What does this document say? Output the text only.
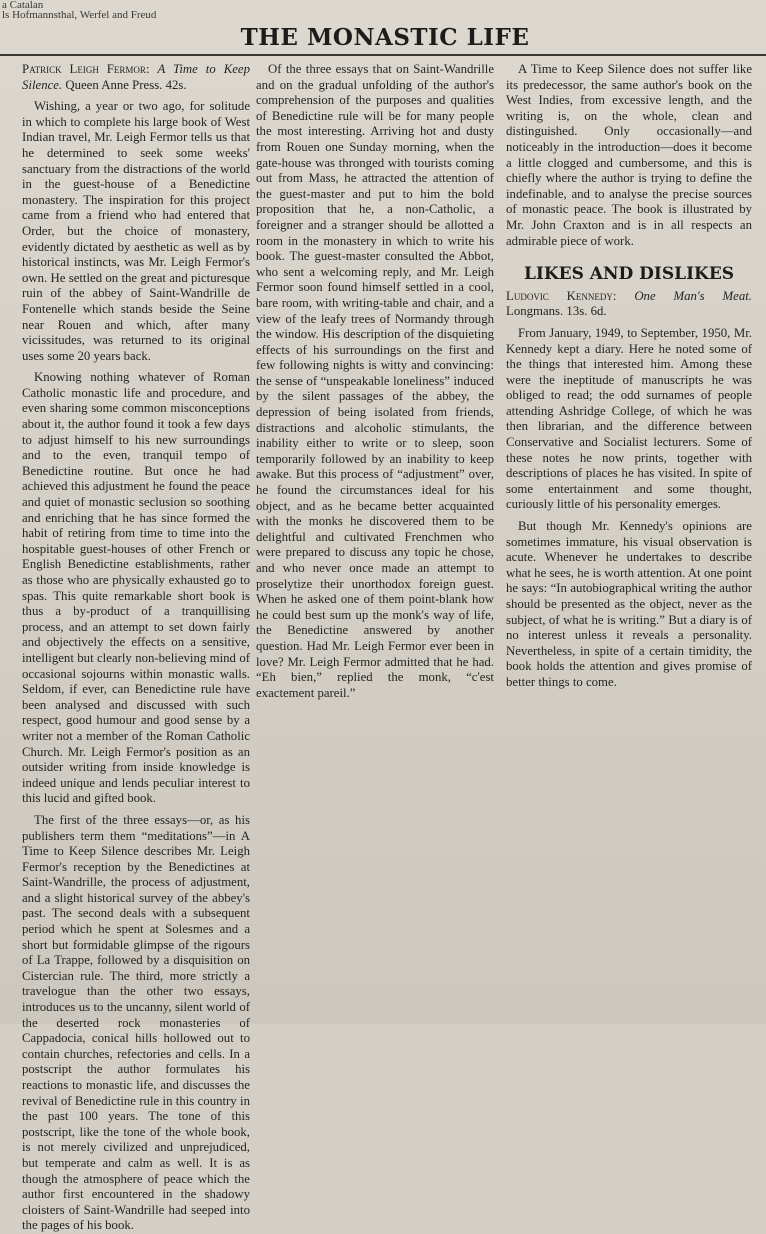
a Catalan
ls Hofmannsthal, Werfel and Freud
THE MONASTIC LIFE

Patrick Leigh Fermor: A Time to Keep Silence. Queen Anne Press. 42s.

Wishing, a year or two ago, for solitude in which to complete his large book of West Indian travel, Mr. Leigh Fermor tells us that he determined to seek some weeks' sanctuary from the distractions of the world in the guest-house of a Benedictine monastery. The inspiration for this project came from a friend who had entered that Order, but the choice of monastery, evidently dictated by aesthetic as well as by historical instincts, was Mr. Leigh Fermor's own. He settled on the great and picturesque ruin of the abbey of Saint-Wandrille de Fontenelle which stands beside the Seine near Rouen and which, after many vicissitudes, was returned to its original uses some 20 years back.

Knowing nothing whatever of Roman Catholic monastic life and procedure, and even sharing some common misconceptions about it, the author found it took a few days to adjust himself to his new surroundings and to the even, tranquil tempo of Benedictine routine. But once he had achieved this adjustment he found the peace and quiet of monastic seclusion so soothing and enriching that he has since formed the habit of retiring from time to time into the hospitable guest-houses of other French or English Benedictine establishments, rather as those who are physically exhausted go to spas. This quite remarkable short book is thus a by-product of a tranquillising process, and an attempt to set down fairly and objectively the effects on a sensitive, intelligent but clearly non-believing mind of occasional sojourns within monastic walls. Seldom, if ever, can Benedictine rule have been analysed and discussed with such respect, good humour and good sense by a writer not a member of the Roman Catholic Church. Mr. Leigh Fermor's position as an outsider writing from inside knowledge is indeed unique and lends peculiar interest to this lucid and gifted book.

The first of the three essays—or, as his publishers term them “meditations”—in A Time to Keep Silence describes Mr. Leigh Fermor's reception by the Benedictines at Saint-Wandrille, the process of adjustment, and a slight historical survey of the abbey's past. The second deals with a subsequent period which he spent at Solesmes and a short but formidable glimpse of the rigours of La Trappe, followed by a disquisition on Cistercian rule. The third, more strictly a travelogue than the other two essays, introduces us to the uncanny, silent world of the deserted rock monasteries of Cappadocia, conical hills hollowed out to contain churches, refectories and cells. In a postscript the author formulates his reactions to monastic life, and discusses the revival of Benedictine rule in this country in the past 100 years. The tone of this postscript, like the tone of the whole book, is not merely civilized and unprejudiced, but temperate and calm as well. It is as though the atmosphere of peace which the author first encountered in the shadowy cloisters of Saint-Wandrille had seeped into the pages of his book.

Of the three essays that on Saint-Wandrille and on the gradual unfolding of the author's comprehension of the purposes and qualities of Benedictine rule will be for many people the most interesting. Arriving hot and dusty from Rouen one Sunday morning, when the gate-house was thronged with tourists coming out from Mass, he attracted the attention of the guest-master and put to him the bold proposition that he, a non-Catholic, a foreigner and a stranger should be allotted a room in the monastery in which to write his book. The guest-master consulted the Abbot, who sent a welcoming reply, and Mr. Leigh Fermor soon found himself settled in a cool, bare room, with writing-table and chair, and a view of the leafy trees of Normandy through the window. His description of the disquieting effects of his surroundings on the first and few following nights is witty and convincing: the sense of “unspeakable loneliness” induced by the silent passages of the abbey, the depression of being isolated from friends, distractions and alcoholic stimulants, the inability either to write or to sleep, soon temporarily followed by an inability to keep awake. But this process of “adjustment” over, he found the circumstances ideal for his object, and as he became better acquainted with the monks he discovered them to be delightful and cultivated Frenchmen who were prepared to discuss any topic he chose, and who never once made an attempt to proselytize their unorthodox foreign guest. When he asked one of them point-blank how he could best sum up the monk's way of life, the Benedictine answered by another question. Had Mr. Leigh Fermor ever been in love? Mr. Leigh Fermor admitted that he had. “Eh bien,” replied the monk, “c'est exactement pareil.”

A Time to Keep Silence does not suffer like its predecessor, the same author's book on the West Indies, from excessive length, and the writing is, on the whole, clean and distinguished. Only occasionally—and noticeably in the introduction—does it become a little clogged and cumbersome, and this is chiefly where the author is trying to define the indefinable, and to analyse the precise sources of monastic peace. The book is illustrated by Mr. John Craxton and is in all respects an admirable piece of work.

LIKES AND DISLIKES

Ludovic Kennedy: One Man's Meat. Longmans. 13s. 6d.

From January, 1949, to September, 1950, Mr. Kennedy kept a diary. Here he noted some of the things that interested him. Among these were the ineptitude of manuscripts he was obliged to read; the odd surnames of people attending Ashridge College, of which he was then librarian, and the difference between Conservative and Socialist lecturers. Some of these notes he now prints, together with descriptions of places he has visited. In spite of some entertainment and some thought, curiously little of his personality emerges.

But though Mr. Kennedy's opinions are sometimes immature, his visual observation is acute. Whenever he undertakes to describe what he sees, he is worth attention. At one point he says: “In autobiographical writing the author should be presented as the object, never as the subject, of what he is writing.” But a diary is of no interest unless it reveals a personality. Nevertheless, in spite of a certain timidity, the book holds the attention and gives promise of better things to come.
